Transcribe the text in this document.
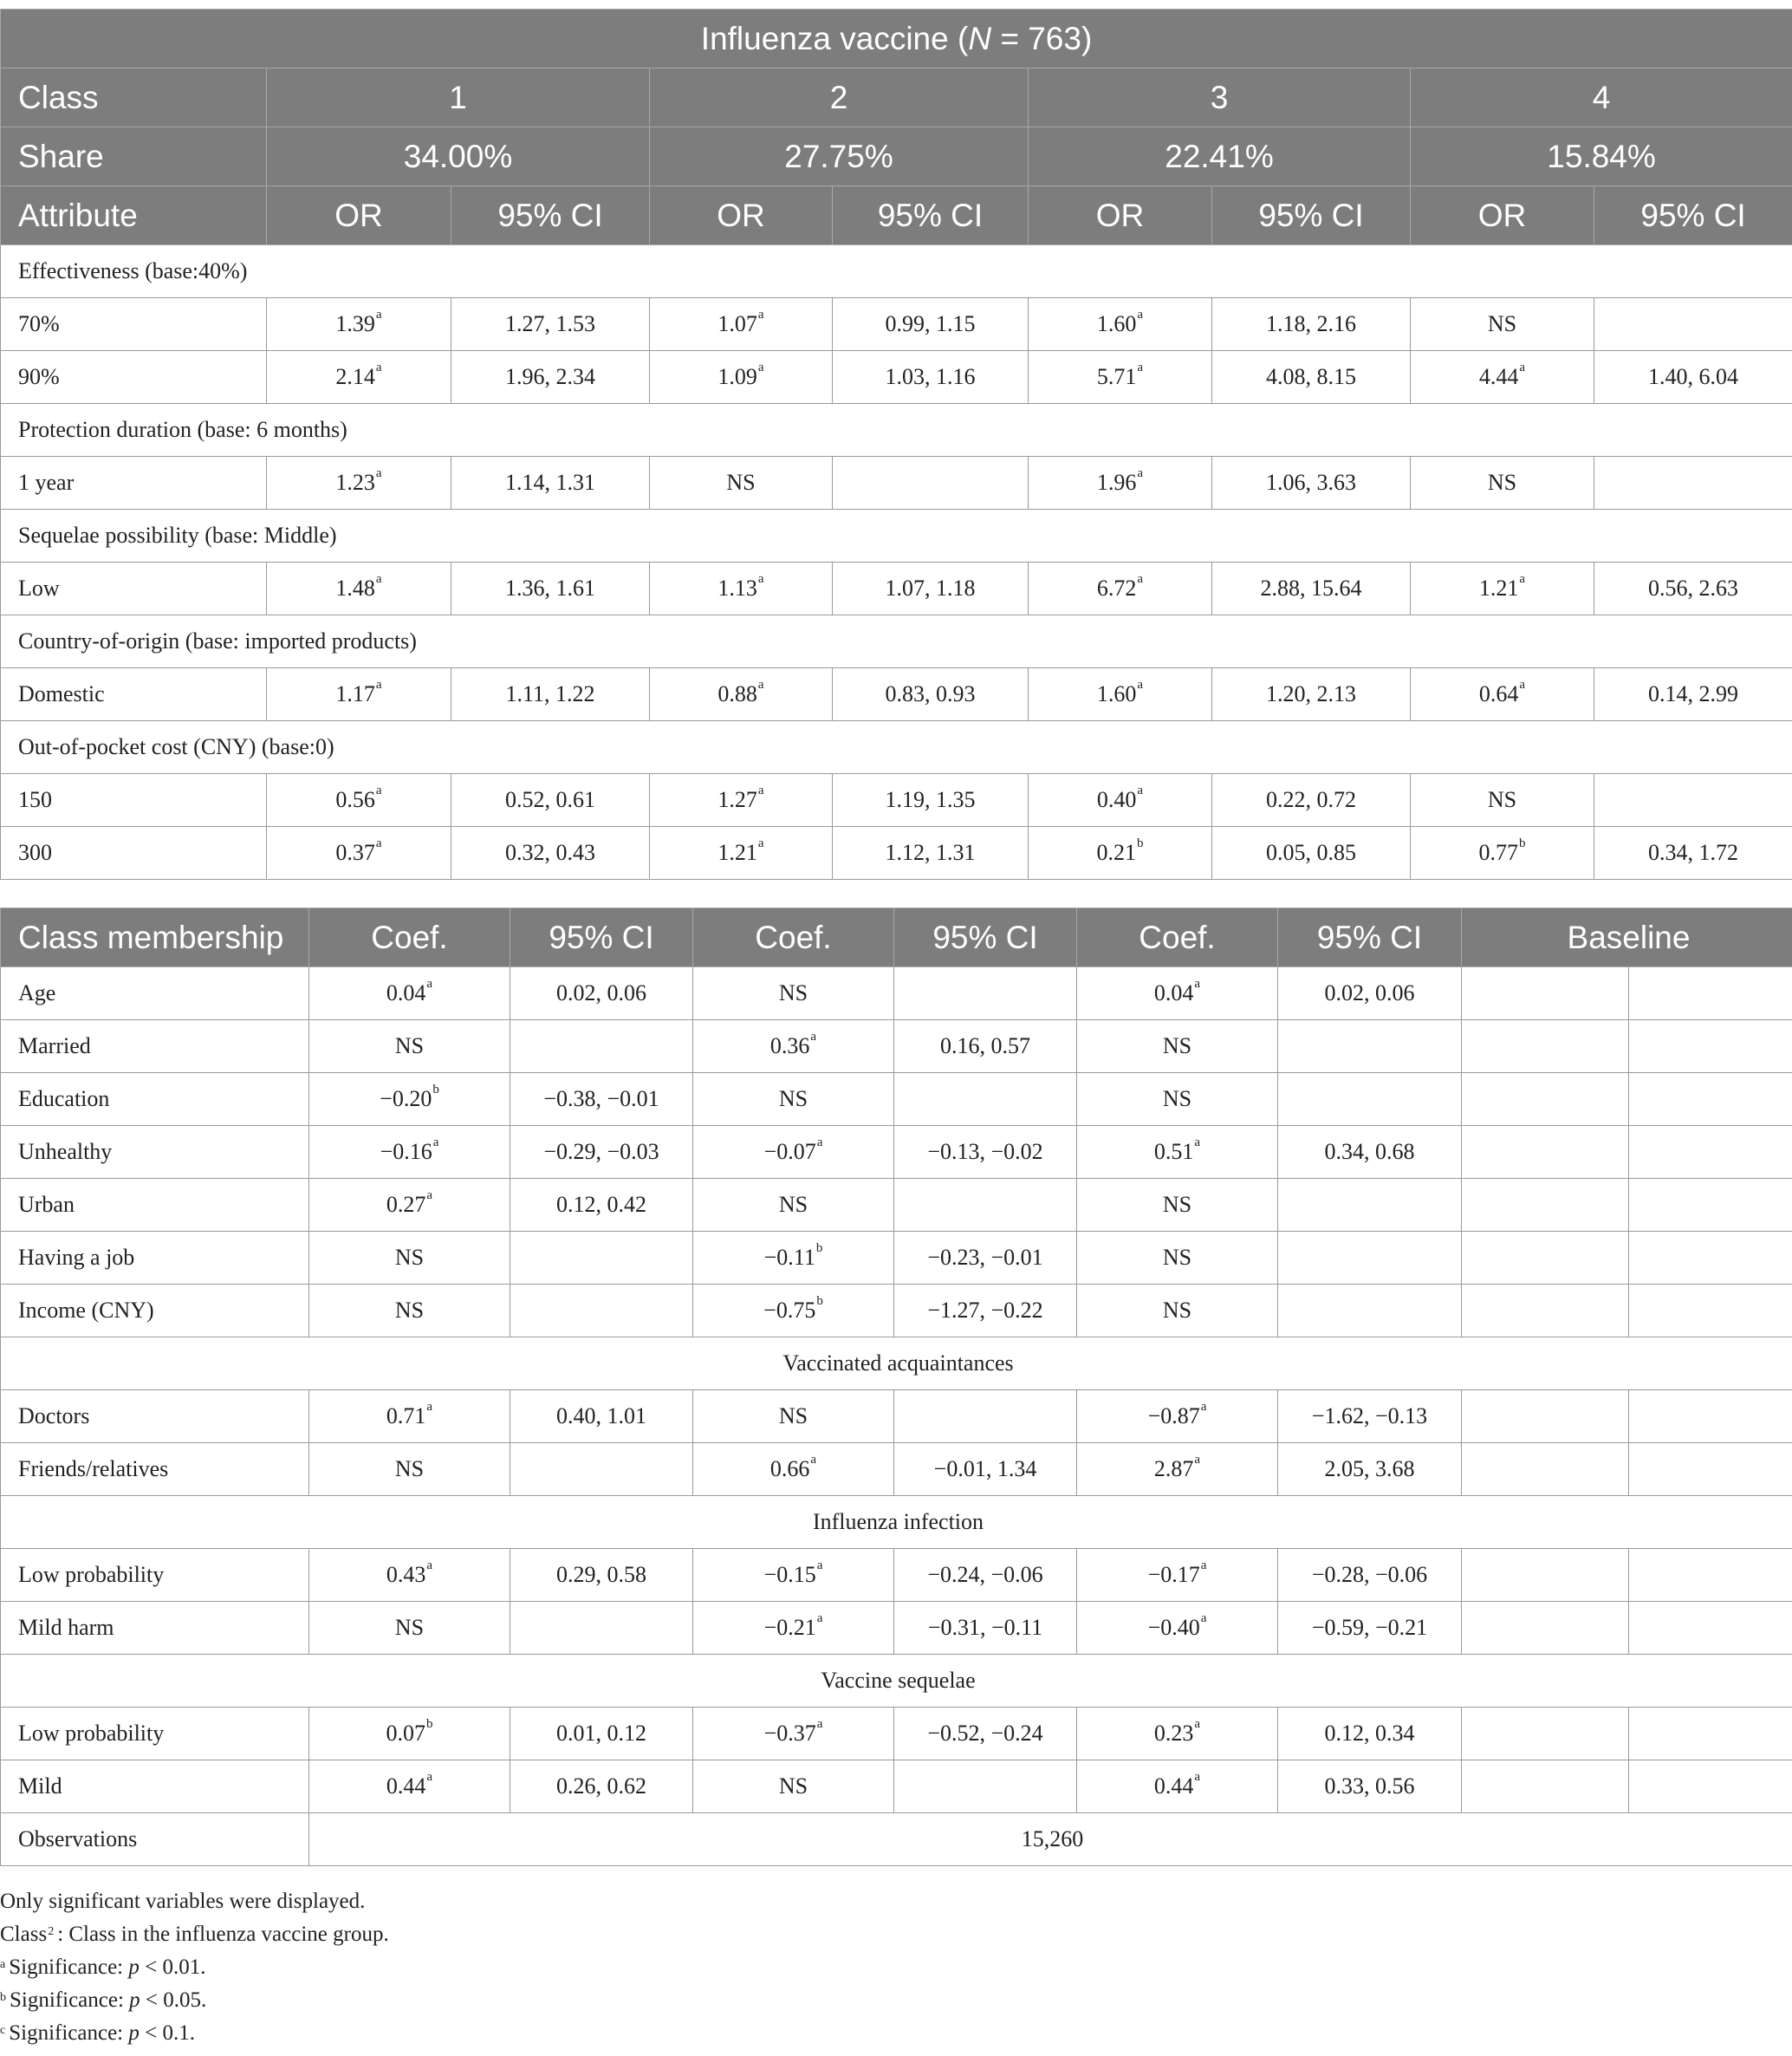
Influenza vaccine (N = 763)								
Class	1		2		3		4	
Share	34.00%		27.75%		22.41%		15.84%	
Attribute	OR	95% CI	OR	95% CI	OR	95% CI	OR	95% CI
Effectiveness (base:40%)								
70%	1.39$^a$	1.27, 1.53	1.07$^a$	0.99, 1.15	1.60$^a$	1.18, 2.16	NS	
90%	2.14$^a$	1.96, 2.34	1.09$^a$	1.03, 1.16	5.71$^a$	4.08, 8.15	4.44$^a$	1.40, 6.04
Protection duration (base: 6 months)								
1 year	1.23$^a$	1.14, 1.31	NS		1.96$^a$	1.06, 3.63	NS	
Sequelae possibility (base: Middle)								
Low	1.48$^a$	1.36, 1.61	1.13$^a$	1.07, 1.18	6.72$^a$	2.88, 15.64	1.21$^a$	0.56, 2.63
Country-of-origin (base: imported products)								
Domestic	1.17$^a$	1.11, 1.22	0.88$^a$	0.83, 0.93	1.60$^a$	1.20, 2.13	0.64$^a$	0.14, 2.99
Out-of-pocket cost (CNY) (base:0)								
150	0.56$^a$	0.52, 0.61	1.27$^a$	1.19, 1.35	0.40$^a$	0.22, 0.72	NS	
300	0.37$^a$	0.32, 0.43	1.21$^a$	1.12, 1.31	0.21$^b$	0.05, 0.85	0.77$^b$	0.34, 1.72
Class membership	Coef.	95% CI	Coef.	95% CI	Coef.	95% CI	Baseline	
Age	0.04$^a$	0.02, 0.06	NS		0.04$^a$	0.02, 0.06		
Married	NS		0.36$^a$	0.16, 0.57	NS			
Education	−0.20$^b$	−0.38, −0.01	NS		NS			
Unhealthy	−0.16$^a$	−0.29, −0.03	−0.07$^a$	−0.13, −0.02	0.51$^a$	0.34, 0.68		
Urban	0.27$^a$	0.12, 0.42	NS		NS			
Having a job	NS		−0.11$^b$	−0.23, −0.01	NS			
Income (CNY)	NS		−0.75$^b$	−1.27, −0.22	NS			
Vaccinated acquaintances								
Doctors	0.71$^a$	0.40, 1.01	NS		−0.87$^a$	−1.62, −0.13		
Friends/relatives	NS		0.66$^a$	−0.01, 1.34	2.87$^a$	2.05, 3.68		
Influenza infection								
Low probability	0.43$^a$	0.29, 0.58	−0.15$^a$	−0.24, −0.06	−0.17$^a$	−0.28, −0.06		
Mild harm	NS		−0.21$^a$	−0.31, −0.11	−0.40$^a$	−0.59, −0.21		
Vaccine sequelae								
Low probability	0.07$^b$	0.01, 0.12	−0.37$^a$	−0.52, −0.24	0.23$^a$	0.12, 0.34		
Mild	0.44$^a$	0.26, 0.62	NS		0.44$^a$	0.33, 0.56		
Observations	15,260							
Only significant variables were displayed.
Class$^2$ : Class in the influenza vaccine group.
$^a$ Significance: p < 0.01.
$^b$ Significance: p < 0.05.
$^c$ Significance: p < 0.1.
